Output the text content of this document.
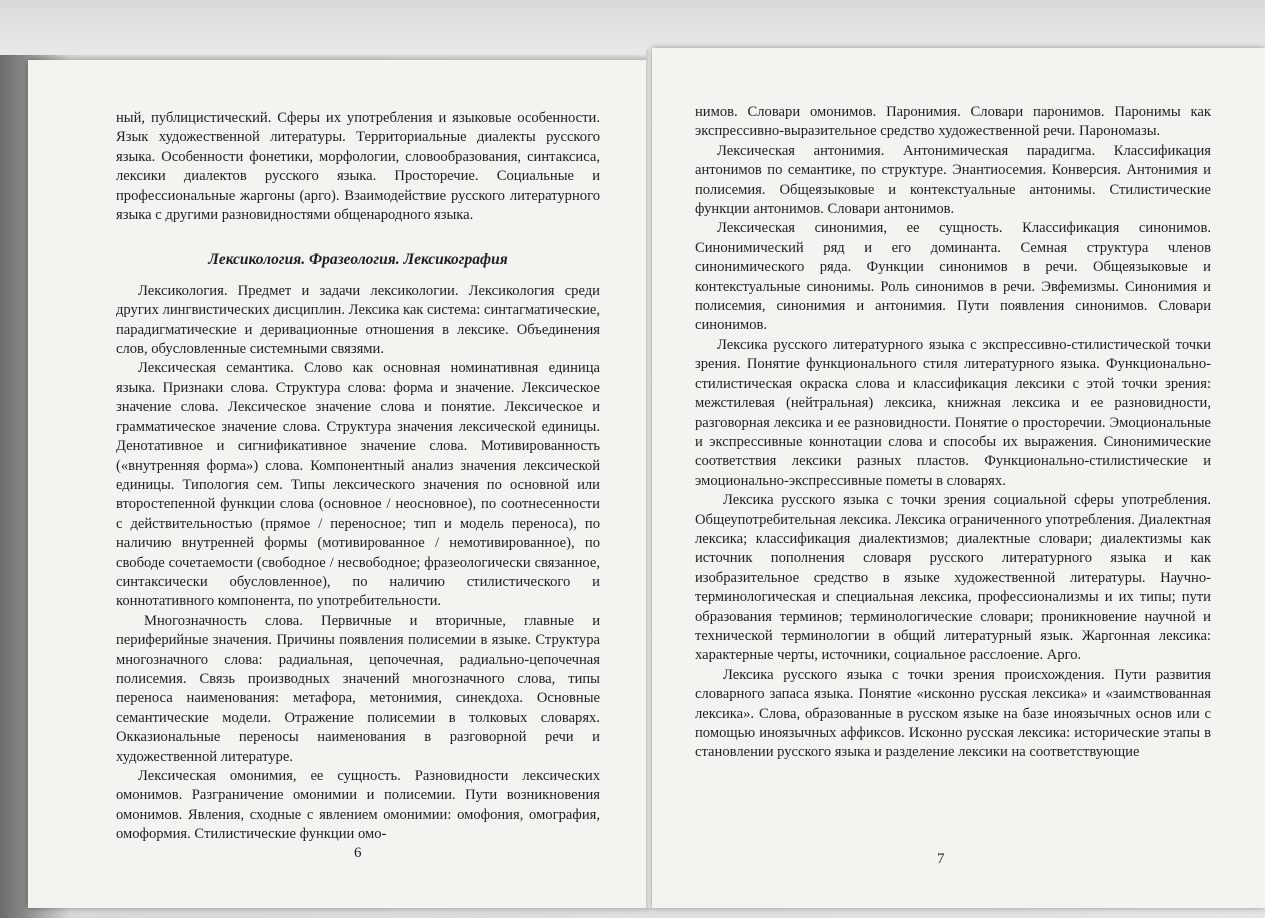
ный, публицистический. Сферы их употребления и языковые особенности. Язык художественной литературы. Территориальные диалекты русского языка. Особенности фонетики, морфологии, словообразования, синтаксиса, лексики диалектов русского языка. Просторечие. Социальные и профессиональные жаргоны (арго). Взаимодействие русского литературного языка с другими разновидностями общенародного языка.

Лексикология. Фразеология. Лексикография

Лексикология. Предмет и задачи лексикологии. Лексикология среди других лингвистических дисциплин. Лексика как система: синтагматические, парадигматические и деривационные отношения в лексике. Объединения слов, обусловленные системными связями.

Лексическая семантика. Слово как основная номинативная единица языка. Признаки слова. Структура слова: форма и значение. Лексическое значение слова. Лексическое значение слова и понятие. Лексическое и грамматическое значение слова. Структура значения лексической единицы. Денотативное и сигнификативное значение слова. Мотивированность («внутренняя форма») слова. Компонентный анализ значения лексической единицы. Типология сем. Типы лексического значения по основной или второстепенной функции слова (основное / неосновное), по соотнесенности с действительностью (прямое / переносное; тип и модель переноса), по наличию внутренней формы (мотивированное / немотивированное), по свободе сочетаемости (свободное / несвободное; фразеологически связанное, синтаксически обусловленное), по наличию стилистического и коннотативного компонента, по употребительности.

Многозначность слова. Первичные и вторичные, главные и периферийные значения. Причины появления полисемии в языке. Структура многозначного слова: радиальная, цепочечная, радиально-цепочечная полисемия. Связь производных значений многозначного слова, типы переноса наименования: метафора, метонимия, синекдоха. Основные семантические модели. Отражение полисемии в толковых словарях. Окказиональные переносы наименования в разговорной речи и художественной литературе.

Лексическая омонимия, ее сущность. Разновидности лексических омонимов. Разграничение омонимии и полисемии. Пути возникновения омонимов. Явления, сходные с явлением омонимии: омофония, омография, омоформия. Стилистические функции омо-

6

нимов. Словари омонимов. Паронимия. Словари паронимов. Паронимы как экспрессивно-выразительное средство художественной речи. Парономазы.

Лексическая антонимия. Антонимическая парадигма. Классификация антонимов по семантике, по структуре. Энантиосемия. Конверсия. Антонимия и полисемия. Общеязыковые и контекстуальные антонимы. Стилистические функции антонимов. Словари антонимов.

Лексическая синонимия, ее сущность. Классификация синонимов. Синонимический ряд и его доминанта. Семная структура членов синонимического ряда. Функции синонимов в речи. Общеязыковые и контекстуальные синонимы. Роль синонимов в речи. Эвфемизмы. Синонимия и полисемия, синонимия и антонимия. Пути появления синонимов. Словари синонимов.

Лексика русского литературного языка с экспрессивно-стилистической точки зрения. Понятие функционального стиля литературного языка. Функционально-стилистическая окраска слова и классификация лексики с этой точки зрения: межстилевая (нейтральная) лексика, книжная лексика и ее разновидности, разговорная лексика и ее разновидности. Понятие о просторечии. Эмоциональные и экспрессивные коннотации слова и способы их выражения. Синонимические соответствия лексики разных пластов. Функционально-стилистические и эмоционально-экспрессивные пометы в словарях.

Лексика русского языка с точки зрения социальной сферы употребления. Общеупотребительная лексика. Лексика ограниченного употребления. Диалектная лексика; классификация диалектизмов; диалектные словари; диалектизмы как источник пополнения словаря русского литературного языка и как изобразительное средство в языке художественной литературы. Научно-терминологическая и специальная лексика, профессионализмы и их типы; пути образования терминов; терминологические словари; проникновение научной и технической терминологии в общий литературный язык. Жаргонная лексика: характерные черты, источники, социальное расслоение. Арго.

Лексика русского языка с точки зрения происхождения. Пути развития словарного запаса языка. Понятие «исконно русская лексика» и «заимствованная лексика». Слова, образованные в русском языке на базе иноязычных основ или с помощью иноязычных аффиксов. Исконно русская лексика: исторические этапы в становлении русского языка и разделение лексики на соответствующие

7
